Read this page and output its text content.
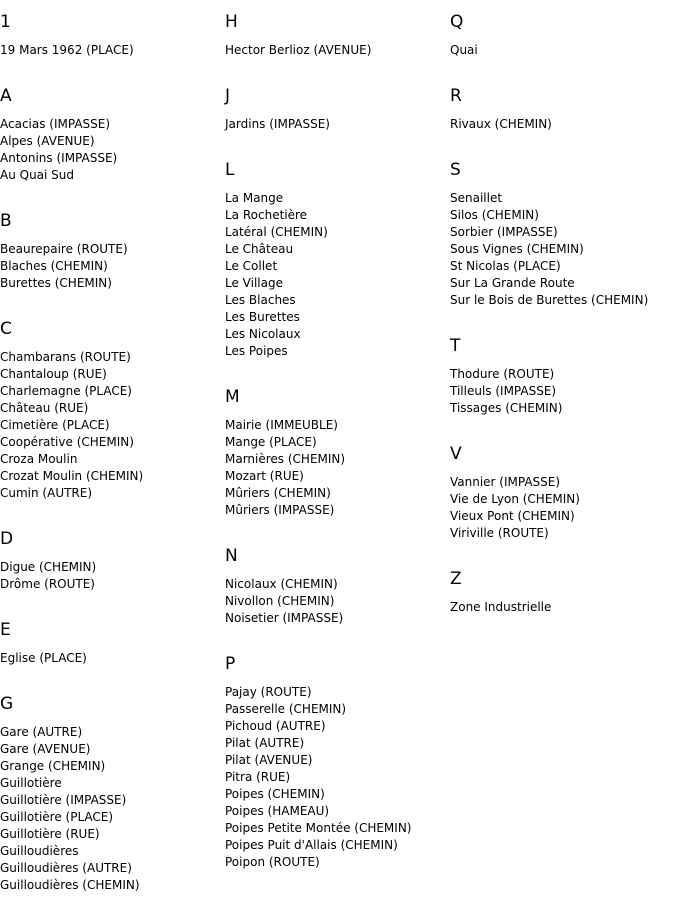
1
19 Mars 1962 (PLACE)
A
Acacias (IMPASSE)
Alpes (AVENUE)
Antonins (IMPASSE)
Au Quai Sud
B
Beaurepaire (ROUTE)
Blaches (CHEMIN)
Burettes (CHEMIN)
C
Chambarans (ROUTE)
Chantaloup (RUE)
Charlemagne (PLACE)
Château (RUE)
Cimetière (PLACE)
Coopérative (CHEMIN)
Croza Moulin
Crozat Moulin (CHEMIN)
Cumin (AUTRE)
D
Digue (CHEMIN)
Drôme (ROUTE)
E
Eglise (PLACE)
G
Gare (AUTRE)
Gare (AVENUE)
Grange (CHEMIN)
Guillotière
Guillotière (IMPASSE)
Guillotière (PLACE)
Guillotière (RUE)
Guilloudières
Guilloudières (AUTRE)
Guilloudières (CHEMIN)
H
Hector Berlioz (AVENUE)
J
Jardins (IMPASSE)
L
La Mange
La Rochetière
Latéral (CHEMIN)
Le Château
Le Collet
Le Village
Les Blaches
Les Burettes
Les Nicolaux
Les Poipes
M
Mairie (IMMEUBLE)
Mange (PLACE)
Marnières (CHEMIN)
Mozart (RUE)
Mûriers (CHEMIN)
Mûriers (IMPASSE)
N
Nicolaux (CHEMIN)
Nivollon (CHEMIN)
Noisetier (IMPASSE)
P
Pajay (ROUTE)
Passerelle (CHEMIN)
Pichoud (AUTRE)
Pilat (AUTRE)
Pilat (AVENUE)
Pitra (RUE)
Poipes (CHEMIN)
Poipes (HAMEAU)
Poipes Petite Montée (CHEMIN)
Poipes Puit d'Allais (CHEMIN)
Poipon (ROUTE)
Q
Quai
R
Rivaux (CHEMIN)
S
Senaillet
Silos (CHEMIN)
Sorbier (IMPASSE)
Sous Vignes (CHEMIN)
St Nicolas (PLACE)
Sur La Grande Route
Sur le Bois de Burettes (CHEMIN)
T
Thodure (ROUTE)
Tilleuls (IMPASSE)
Tissages (CHEMIN)
V
Vannier (IMPASSE)
Vie de Lyon (CHEMIN)
Vieux Pont (CHEMIN)
Viriville (ROUTE)
Z
Zone Industrielle
